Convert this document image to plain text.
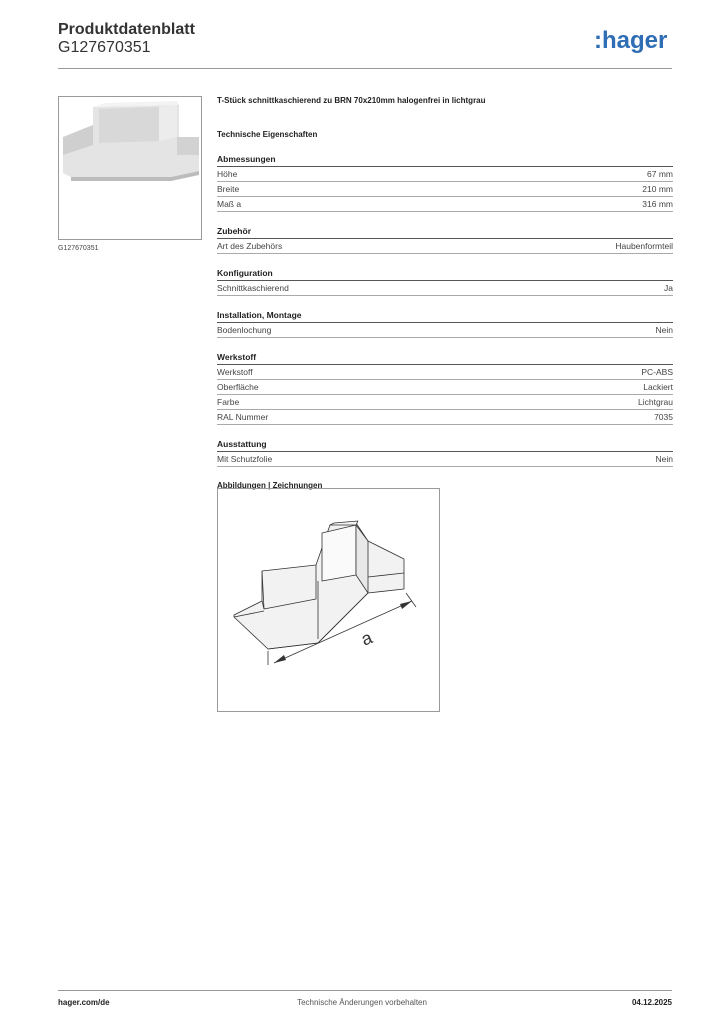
Produktdatenblatt
G127670351	:hager
G127670351
T-Stück schnittkaschierend zu BRN 70x210mm halogenfrei in lichtgrau
Technische Eigenschaften
Abmessungen
Höhe	67 mm
Breite	210 mm
Maß a	316 mm
Zubehör
Art des Zubehörs	Haubenformteil
Konfiguration
Schnittkaschierend	Ja
Installation, Montage
Bodenlochung	Nein
Werkstoff
Werkstoff	PC-ABS
Oberfläche	Lackiert
Farbe	Lichtgrau
RAL Nummer	7035
Ausstattung
Mit Schutzfolie	Nein
Abbildungen | Zeichnungen
a
hager.com/de	Technische Änderungen vorbehalten	04.12.2025
